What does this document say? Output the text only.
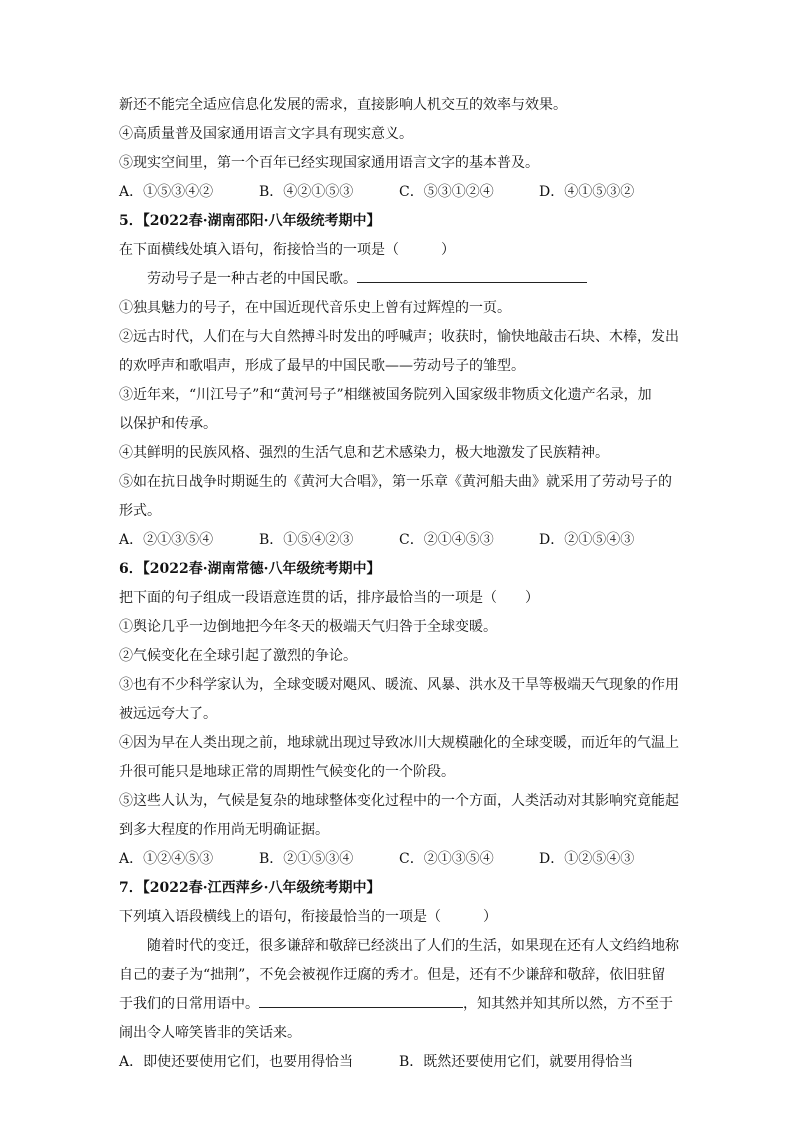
新还不能完全适应信息化发展的需求，直接影响人机交互的效率与效果。
④高质量普及国家通用语言文字具有现实意义。
⑤现实空间里，第一个百年已经实现国家通用语言文字的基本普及。
A．①⑤③④②	B．④②①⑤③	C．⑤③①②④	D．④①⑤③②
5．【2022春·湖南邵阳·八年级统考期中】
在下面横线处填入语句，衔接恰当的一项是（　　　）
劳动号子是一种古老的中国民歌。
①独具魅力的号子，在中国近现代音乐史上曾有过辉煌的一页。
②远古时代，人们在与大自然搏斗时发出的呼喊声；收获时，愉快地敲击石块、木棒，发出
的欢呼声和歌唱声，形成了最早的中国民歌——劳动号子的雏型。
③近年来，“川江号子”和“黄河号子”相继被国务院列入国家级非物质文化遗产名录，加
以保护和传承。
④其鲜明的民族风格、强烈的生活气息和艺术感染力，极大地激发了民族精神。
⑤如在抗日战争时期诞生的《黄河大合唱》，第一乐章《黄河船夫曲》就采用了劳动号子的
形式。
A．②①③⑤④	B．①⑤④②③	C．②①④⑤③	D．②①⑤④③
6．【2022春·湖南常德·八年级统考期中】
把下面的句子组成一段语意连贯的话，排序最恰当的一项是（　　）
①舆论几乎一边倒地把今年冬天的极端天气归咎于全球变暖。
②气候变化在全球引起了激烈的争论。
③也有不少科学家认为，全球变暖对飓风、暖流、风暴、洪水及干旱等极端天气现象的作用
被远远夸大了。
④因为早在人类出现之前，地球就出现过导致冰川大规模融化的全球变暖，而近年的气温上
升很可能只是地球正常的周期性气候变化的一个阶段。
⑤这些人认为，气候是复杂的地球整体变化过程中的一个方面，人类活动对其影响究竟能起
到多大程度的作用尚无明确证据。
A．①②④⑤③	B．②①⑤③④	C．②①③⑤④	D．①②⑤④③
7．【2022春·江西萍乡·八年级统考期中】
下列填入语段横线上的语句，衔接最恰当的一项是（　　　）
随着时代的变迁，很多谦辞和敬辞已经淡出了人们的生活，如果现在还有人文绉绉地称
自己的妻子为“拙荆”，不免会被视作迂腐的秀才。但是，还有不少谦辞和敬辞，依旧驻留
于我们的日常用语中。	，知其然并知其所以然，方不至于
闹出令人啼笑皆非的笑话来。
A．即使还要使用它们，也要用得恰当	B．既然还要使用它们，就要用得恰当
